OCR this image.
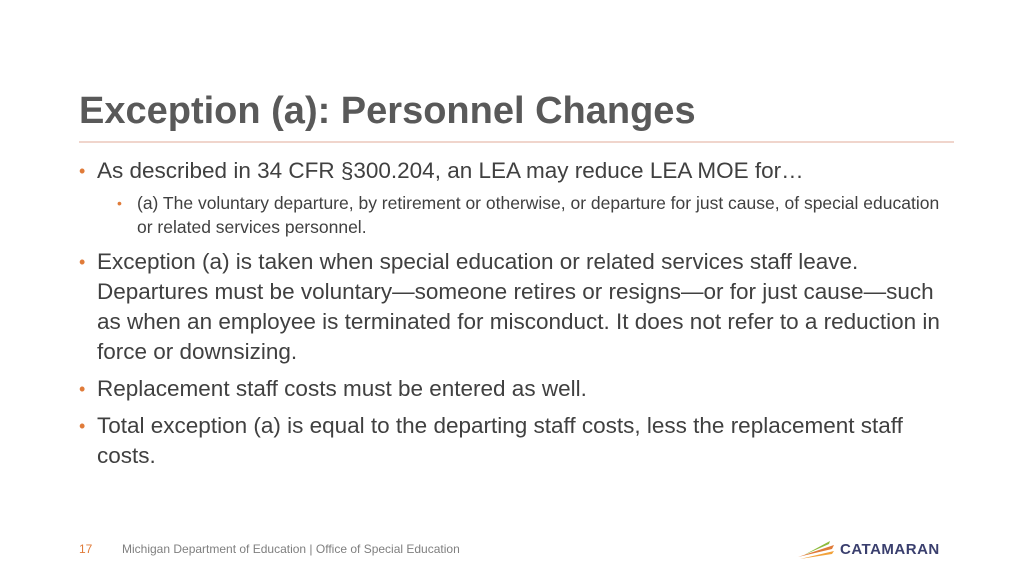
Exception (a): Personnel Changes
• As described in 34 CFR §300.204, an LEA may reduce LEA MOE for…
• (a) The voluntary departure, by retirement or otherwise, or departure for just cause, of special education or related services personnel.
• Exception (a) is taken when special education or related services staff leave. Departures must be voluntary—someone retires or resigns—or for just cause—such as when an employee is terminated for misconduct. It does not refer to a reduction in force or downsizing.
• Replacement staff costs must be entered as well.
• Total exception (a) is equal to the departing staff costs, less the replacement staff costs.
17 Michigan Department of Education | Office of Special Education	CATAMARAN
